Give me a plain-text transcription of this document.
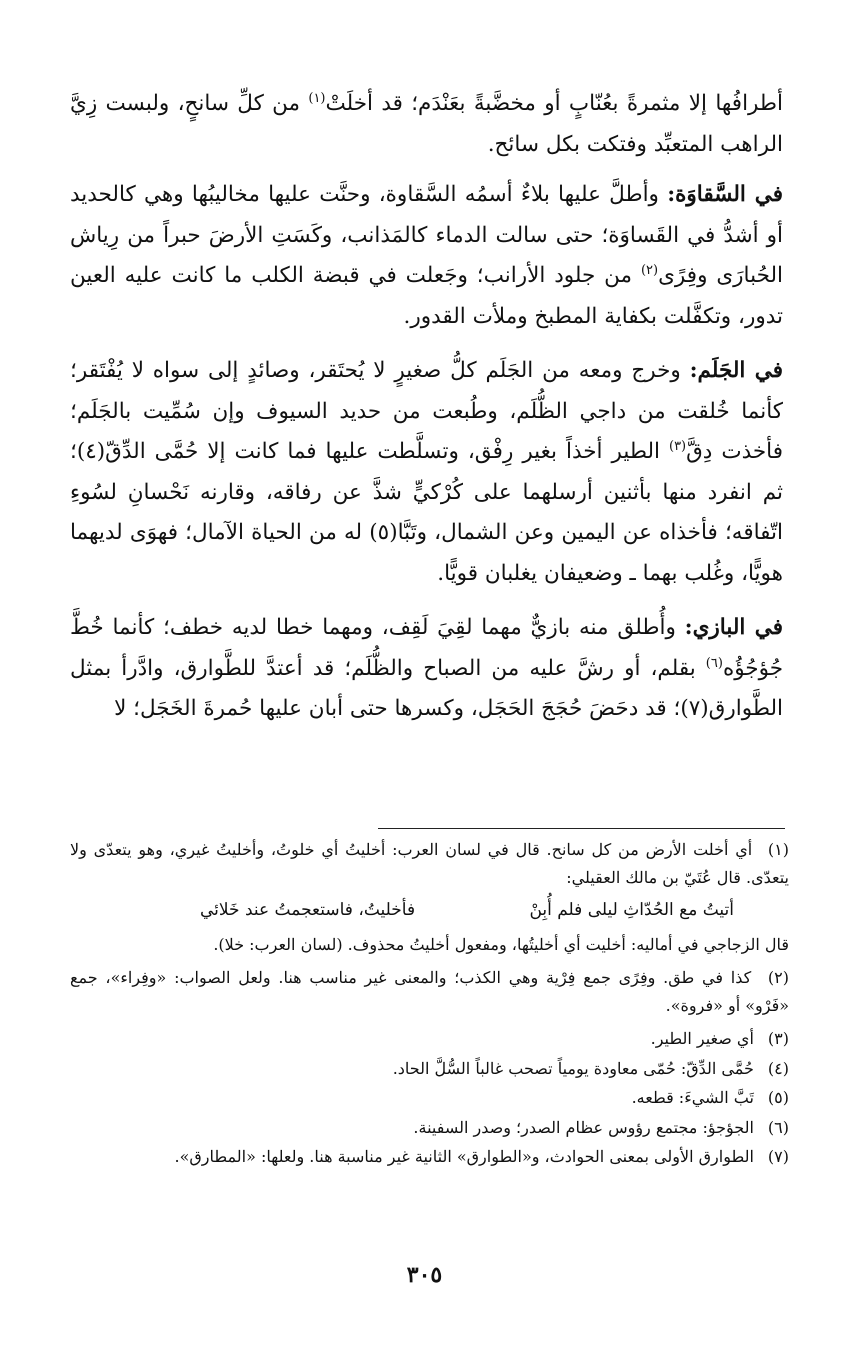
أطرافُها إلا مثمرةً بعُنّابٍ أو مخضَّبةً بعَنْدَم؛ قد أخلَتْ$^{(١)}$ من كلِّ سانحٍ، ولبست زِيَّ الراهب المتعبِّد وفتكت بكل سائح.

في السَّقاوَة: وأطلَّ عليها بلاءٌ أسمُه السَّقاوة، وحنَّت عليها مخاليبُها وهي كالحديد أو أشدُّ في القَساوَة؛ حتى سالت الدماء كالمَذانب، وكَسَتِ الأرضَ حبراً من رِياش الحُبارَى وفِرًى$^{(٢)}$ من جلود الأرانب؛ وجَعلت في قبضة الكلب ما كانت عليه العين تدور، وتكفَّلت بكفاية المطبخ وملأت القدور.

في الجَلَم: وخرج ومعه من الجَلَم كلُّ صغيرٍ لا يُحتَقر، وصائدٍ إلى سواه لا يُفْتَقر؛ كأنما خُلقت من داجي الظُّلَم، وطُبعت من حديد السيوف وإن سُمِّيت بالجَلَم؛ فأخذت دِقَّ$^{(٣)}$ الطير أخذاً بغير رِفْق، وتسلَّطت عليها فما كانت إلا حُمَّى الدِّقّ(٤)؛ ثم انفرد منها بأثنين أرسلهما على كُرْكيٍّ شذَّ عن رفاقه، وقارنه نَحْسانِ لسُوءِ اتّفاقه؛ فأخذاه عن اليمين وعن الشمال، وتَبَّا(٥) له من الحياة الآمال؛ فهوَى لديهما هويًّا، وغُلب بهما ـ وضعيفان يغلبان قويًّا.

في البازي: وأُطلق منه بازيٌّ مهما لقِيَ لَقِف، ومهما خطا لديه خطف؛ كأنما خُطَّ جُؤجُؤُه$^{(٦)}$ بقلم، أو رشَّ عليه من الصباح والظُّلَم؛ قد أعتدَّ للطَّوارق، وادَّرأ بمثل الطَّوارق(٧)؛ قد دحَضَ حُجَجَ الحَجَل، وكسرها حتى أبان عليها حُمرةَ الخَجَل؛ لا

(١) أي أخلت الأرض من كل سانح. قال في لسان العرب: أخليتُ أي خلوتُ، وأخليتُ غيري، وهو يتعدّى ولا يتعدّى. قال عُتَيّ بن مالك العقيلي:

أتيتُ مع الحُدّاثِ ليلى فلم أُبِنْ
فأخليتُ، فاستعجمتُ عند خَلائي

قال الزجاجي في أماليه: أخليت أي أخليتُها، ومفعول أخليتُ محذوف. (لسان العرب: خلا).

(٢) كذا في طق. وفِرًى جمع فِرْية وهي الكذب؛ والمعنى غير مناسب هنا. ولعل الصواب: «وفِراء»، جمع «فَرْو» أو «فروة».

(٣) أي صغير الطير.

(٤) حُمَّى الدِّقّ: حُمّى معاودة يومياً تصحب غالباً السُّلَّ الحاد.

(٥) تَبَّ الشيءَ: قطعه.

(٦) الجؤجؤ: مجتمع رؤوس عظام الصدر؛ وصدر السفينة.

(٧) الطوارق الأولى بمعنى الحوادث، و«الطوارق» الثانية غير مناسبة هنا. ولعلها: «المطارق».

٣٠٥
